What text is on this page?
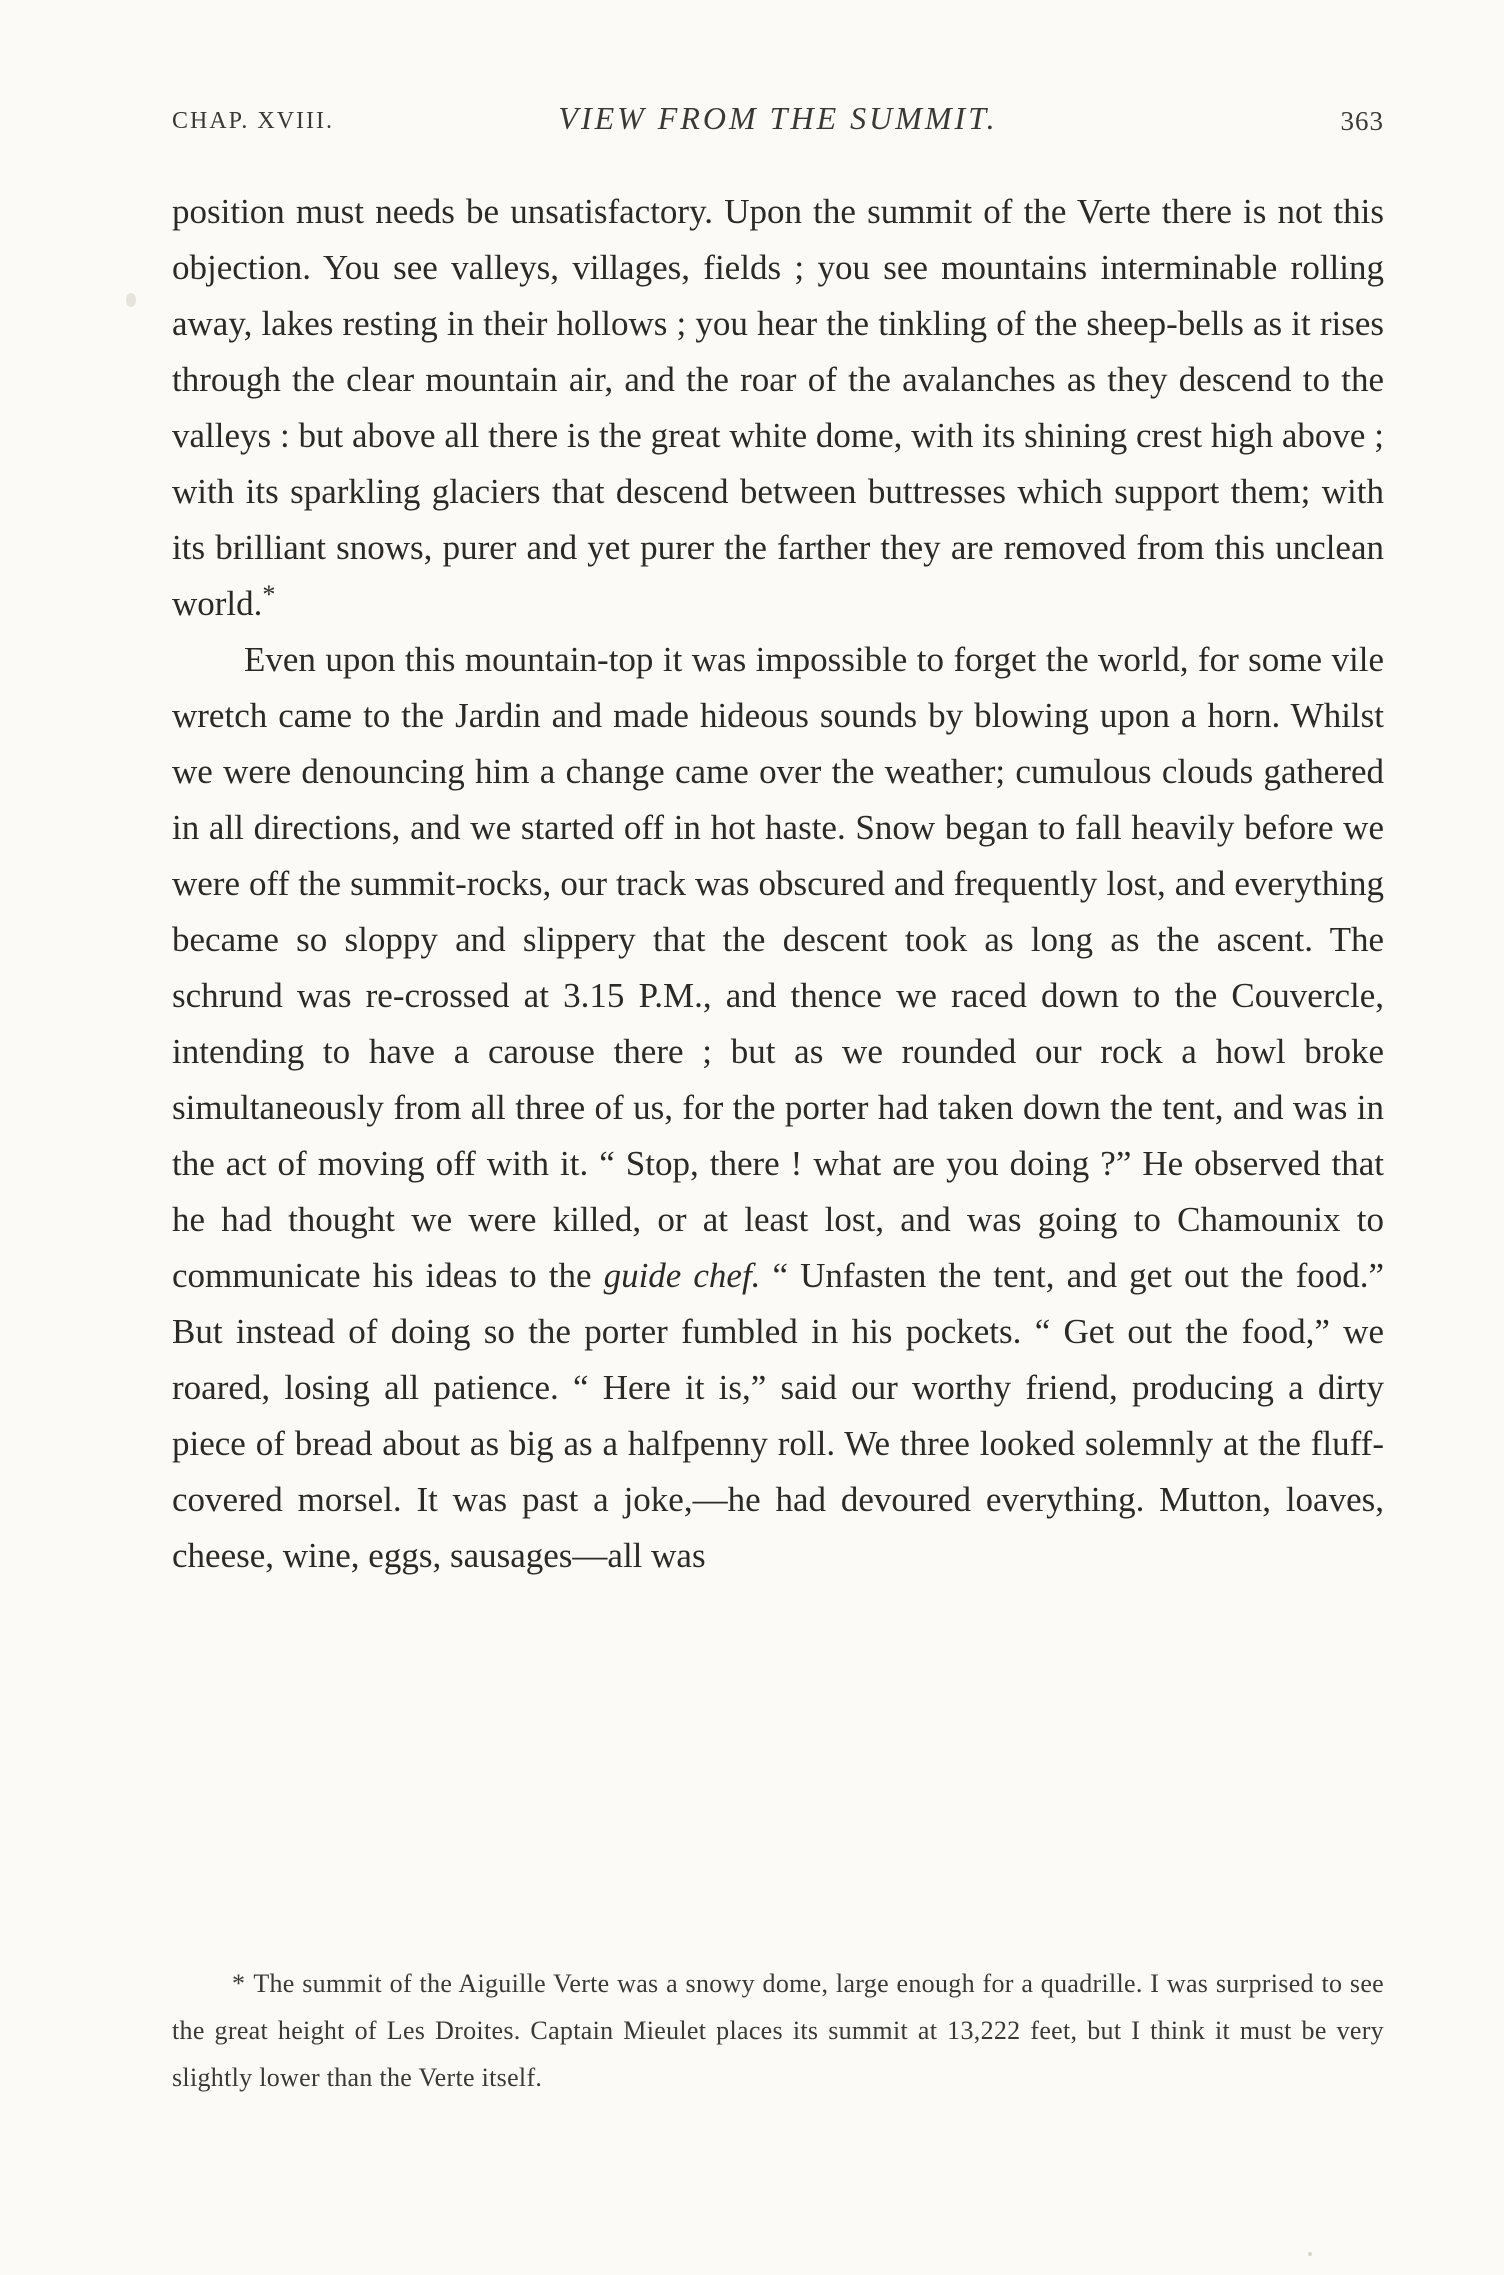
CHAP. XVIII.	VIEW FROM THE SUMMIT.	363

position must needs be unsatisfactory. Upon the summit of the Verte there is not this objection. You see valleys, villages, fields ; you see mountains interminable rolling away, lakes resting in their hollows ; you hear the tinkling of the sheep-bells as it rises through the clear mountain air, and the roar of the avalanches as they descend to the valleys : but above all there is the great white dome, with its shining crest high above ; with its sparkling glaciers that descend between buttresses which support them; with its brilliant snows, purer and yet purer the farther they are removed from this unclean world.*

Even upon this mountain-top it was impossible to forget the world, for some vile wretch came to the Jardin and made hideous sounds by blowing upon a horn. Whilst we were denouncing him a change came over the weather; cumulous clouds gathered in all directions, and we started off in hot haste. Snow began to fall heavily before we were off the summit-rocks, our track was obscured and frequently lost, and everything became so sloppy and slippery that the descent took as long as the ascent. The schrund was re-crossed at 3.15 P.M., and thence we raced down to the Couvercle, intending to have a carouse there ; but as we rounded our rock a howl broke simultaneously from all three of us, for the porter had taken down the tent, and was in the act of moving off with it. “ Stop, there ! what are you doing ?” He observed that he had thought we were killed, or at least lost, and was going to Chamounix to communicate his ideas to the guide chef. “ Unfasten the tent, and get out the food.” But instead of doing so the porter fumbled in his pockets. “ Get out the food,” we roared, losing all patience. “ Here it is,” said our worthy friend, producing a dirty piece of bread about as big as a halfpenny roll. We three looked solemnly at the fluff-covered morsel. It was past a joke,—he had devoured everything. Mutton, loaves, cheese, wine, eggs, sausages—all was

* The summit of the Aiguille Verte was a snowy dome, large enough for a quadrille. I was surprised to see the great height of Les Droites. Captain Mieulet places its summit at 13,222 feet, but I think it must be very slightly lower than the Verte itself.
